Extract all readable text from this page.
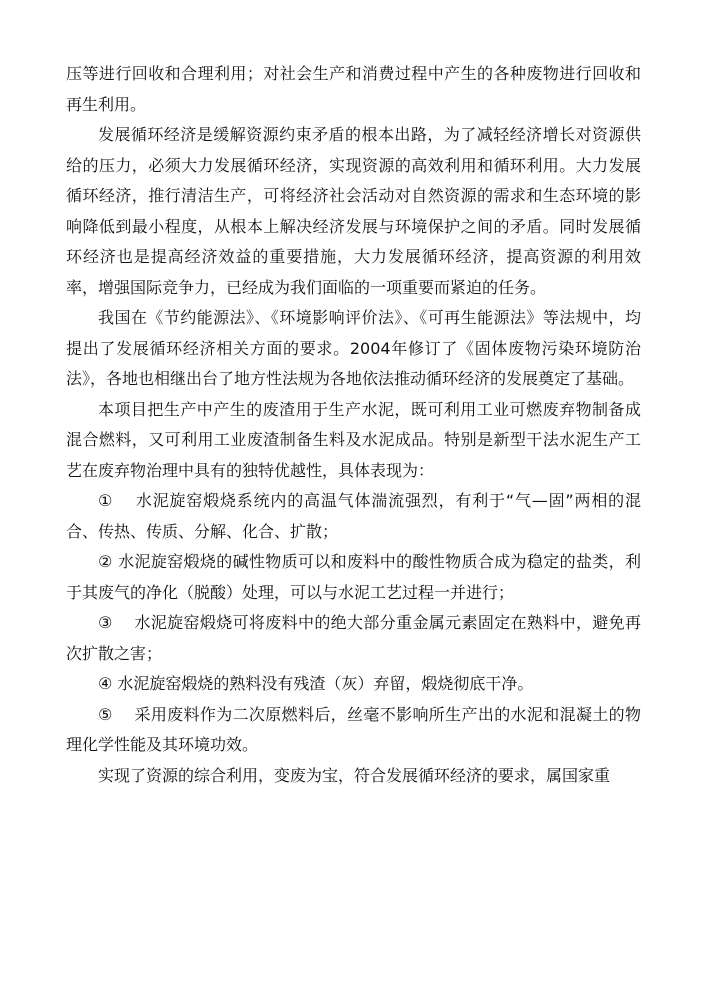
压等进行回收和合理利用；对社会生产和消费过程中产生的各种废物进行回收和再生利用。

发展循环经济是缓解资源约束矛盾的根本出路，为了减轻经济增长对资源供给的压力，必须大力发展循环经济，实现资源的高效利用和循环利用。大力发展循环经济，推行清洁生产，可将经济社会活动对自然资源的需求和生态环境的影响降低到最小程度，从根本上解决经济发展与环境保护之间的矛盾。同时发展循环经济也是提高经济效益的重要措施，大力发展循环经济，提高资源的利用效率，增强国际竞争力，已经成为我们面临的一项重要而紧迫的任务。

我国在《节约能源法》、《环境影响评价法》、《可再生能源法》等法规中，均提出了发展循环经济相关方面的要求。2004年修订了《固体废物污染环境防治法》，各地也相继出台了地方性法规为各地依法推动循环经济的发展奠定了基础。

本项目把生产中产生的废渣用于生产水泥，既可利用工业可燃废弃物制备成混合燃料，又可利用工业废渣制备生料及水泥成品。特别是新型干法水泥生产工艺在废弃物治理中具有的独特优越性，具体表现为：

①　 水泥旋窑煅烧系统内的高温气体湍流强烈，有利于“气—固”两相的混合、传热、传质、分解、化合、扩散；

② 水泥旋窑煅烧的碱性物质可以和废料中的酸性物质合成为稳定的盐类，利于其废气的净化（脱酸）处理，可以与水泥工艺过程一并进行；

③　 水泥旋窑煅烧可将废料中的绝大部分重金属元素固定在熟料中，避免再次扩散之害；

④ 水泥旋窑煅烧的熟料没有残渣（灰）弃留，煅烧彻底干净。

⑤　 采用废料作为二次原燃料后，丝毫不影响所生产出的水泥和混凝土的物理化学性能及其环境功效。

实现了资源的综合利用，变废为宝，符合发展循环经济的要求，属国家重
